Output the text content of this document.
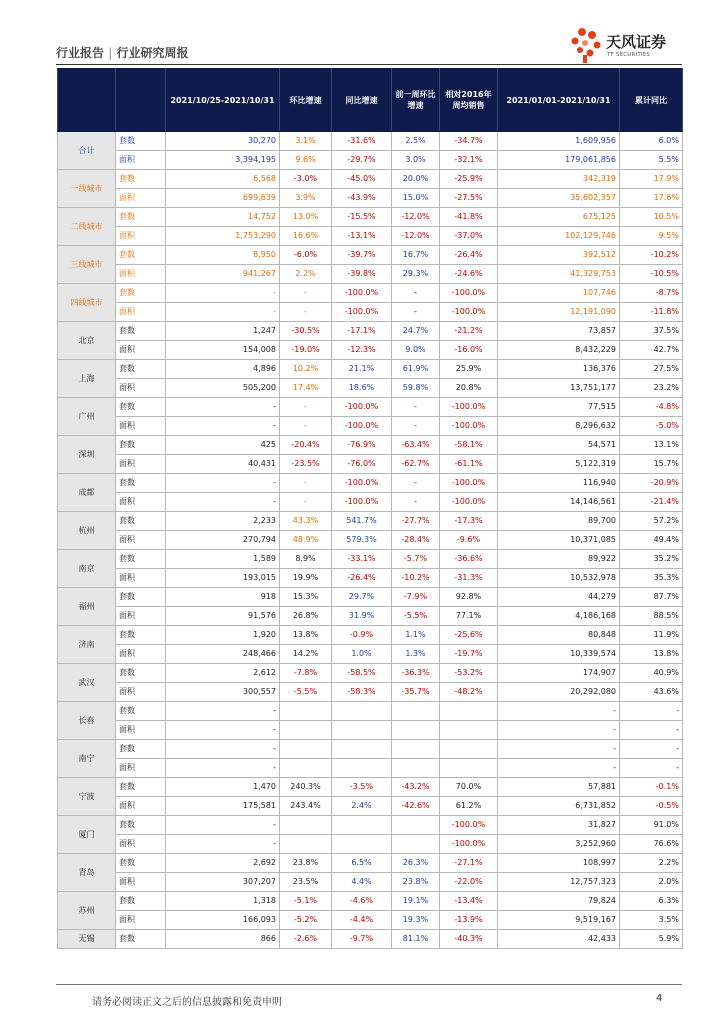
行业报告 | 行业研究周报
天风证券
TF SECURITIES
		2021/10/25-2021/10/31	环比增速	同比增速	前一周环比增速	相对2016年周均销售	2021/01/01-2021/10/31	累计同比
合计	套数	30,270	3.1%	-31.6%	2.5%	-34.7%	1,609,956	6.0%
	面积	3,394,195	9.6%	-29.7%	3.0%	-32.1%	179,061,856	5.5%
一线城市	套数	6,568	-3.0%	-45.0%	20.0%	-25.9%	342,319	17.9%
	面积	699,639	3.9%	-43.9%	15.0%	-27.5%	35,602,357	17.6%
二线城市	套数	14,752	13.0%	-15.5%	-12.0%	-41.8%	675,125	10.5%
	面积	1,753,290	16.6%	-13.1%	-12.0%	-37.0%	102,129,746	9.5%
三线城市	套数	8,950	-6.0%	-39.7%	16.7%	-26.4%	392,512	-10.2%
	面积	941,267	2.2%	-39.8%	29.3%	-24.6%	41,329,753	-10.5%
四线城市	套数	-	-	-100.0%	-	-100.0%	107,746	-8.7%
	面积	-	-	-100.0%	-	-100.0%	12,191,090	-11.8%
北京	套数	1,247	-30.5%	-17.1%	24.7%	-21.2%	73,857	37.5%
	面积	154,008	-19.0%	-12.3%	9.0%	-16.0%	8,432,229	42.7%
上海	套数	4,896	10.2%	21.1%	61.9%	25.9%	136,376	27.5%
	面积	505,200	17.4%	18.6%	59.8%	20.8%	13,751,177	23.2%
广州	套数	-	-	-100.0%	-	-100.0%	77,515	-4.8%
	面积	-	-	-100.0%	-	-100.0%	8,296,632	-5.0%
深圳	套数	425	-20.4%	-76.9%	-63.4%	-58.1%	54,571	13.1%
	面积	40,431	-23.5%	-76.0%	-62.7%	-61.1%	5,122,319	15.7%
成都	套数	-	-	-100.0%	-	-100.0%	116,940	-20.9%
	面积	-	-	-100.0%	-	-100.0%	14,146,561	-21.4%
杭州	套数	2,233	43.3%	541.7%	-27.7%	-17.3%	89,700	57.2%
	面积	270,794	48.9%	579.3%	-28.4%	-9.6%	10,371,085	49.4%
南京	套数	1,589	8.9%	-33.1%	-5.7%	-36.6%	89,922	35.2%
	面积	193,015	19.9%	-26.4%	-10.2%	-31.3%	10,532,978	35.3%
福州	套数	918	15.3%	29.7%	-7.9%	92.8%	44,279	87.7%
	面积	91,576	26.8%	31.9%	-5.5%	77.1%	4,186,168	88.5%
济南	套数	1,920	13.8%	-0.9%	1.1%	-25.6%	80,848	11.9%
	面积	248,466	14.2%	1.0%	1.3%	-19.7%	10,339,574	13.8%
武汉	套数	2,612	-7.8%	-58.5%	-36.3%	-53.2%	174,907	40.9%
	面积	300,557	-5.5%	-58.3%	-35.7%	-48.2%	20,292,080	43.6%
长春	套数	-					-	-
	面积	-					-	-
南宁	套数	-					-	-
	面积	-					-	-
宁波	套数	1,470	240.3%	-3.5%	-43.2%	70.0%	57,881	-0.1%
	面积	175,581	243.4%	2.4%	-42.6%	61.2%	6,731,852	-0.5%
厦门	套数	-				-100.0%	31,827	91.0%
	面积	-				-100.0%	3,252,960	76.6%
青岛	套数	2,692	23.8%	6.5%	26.3%	-27.1%	108,997	2.2%
	面积	307,207	23.5%	4.4%	23.8%	-22.0%	12,757,323	2.0%
苏州	套数	1,318	-5.1%	-4.6%	19.1%	-13.4%	79,824	6.3%
	面积	166,093	-5.2%	-4.4%	19.3%	-13.9%	9,519,167	3.5%
无锡	套数	866	-2.6%	-9.7%	81.1%	-40.3%	42,433	5.9%
请务必阅读正文之后的信息披露和免责申明	4
